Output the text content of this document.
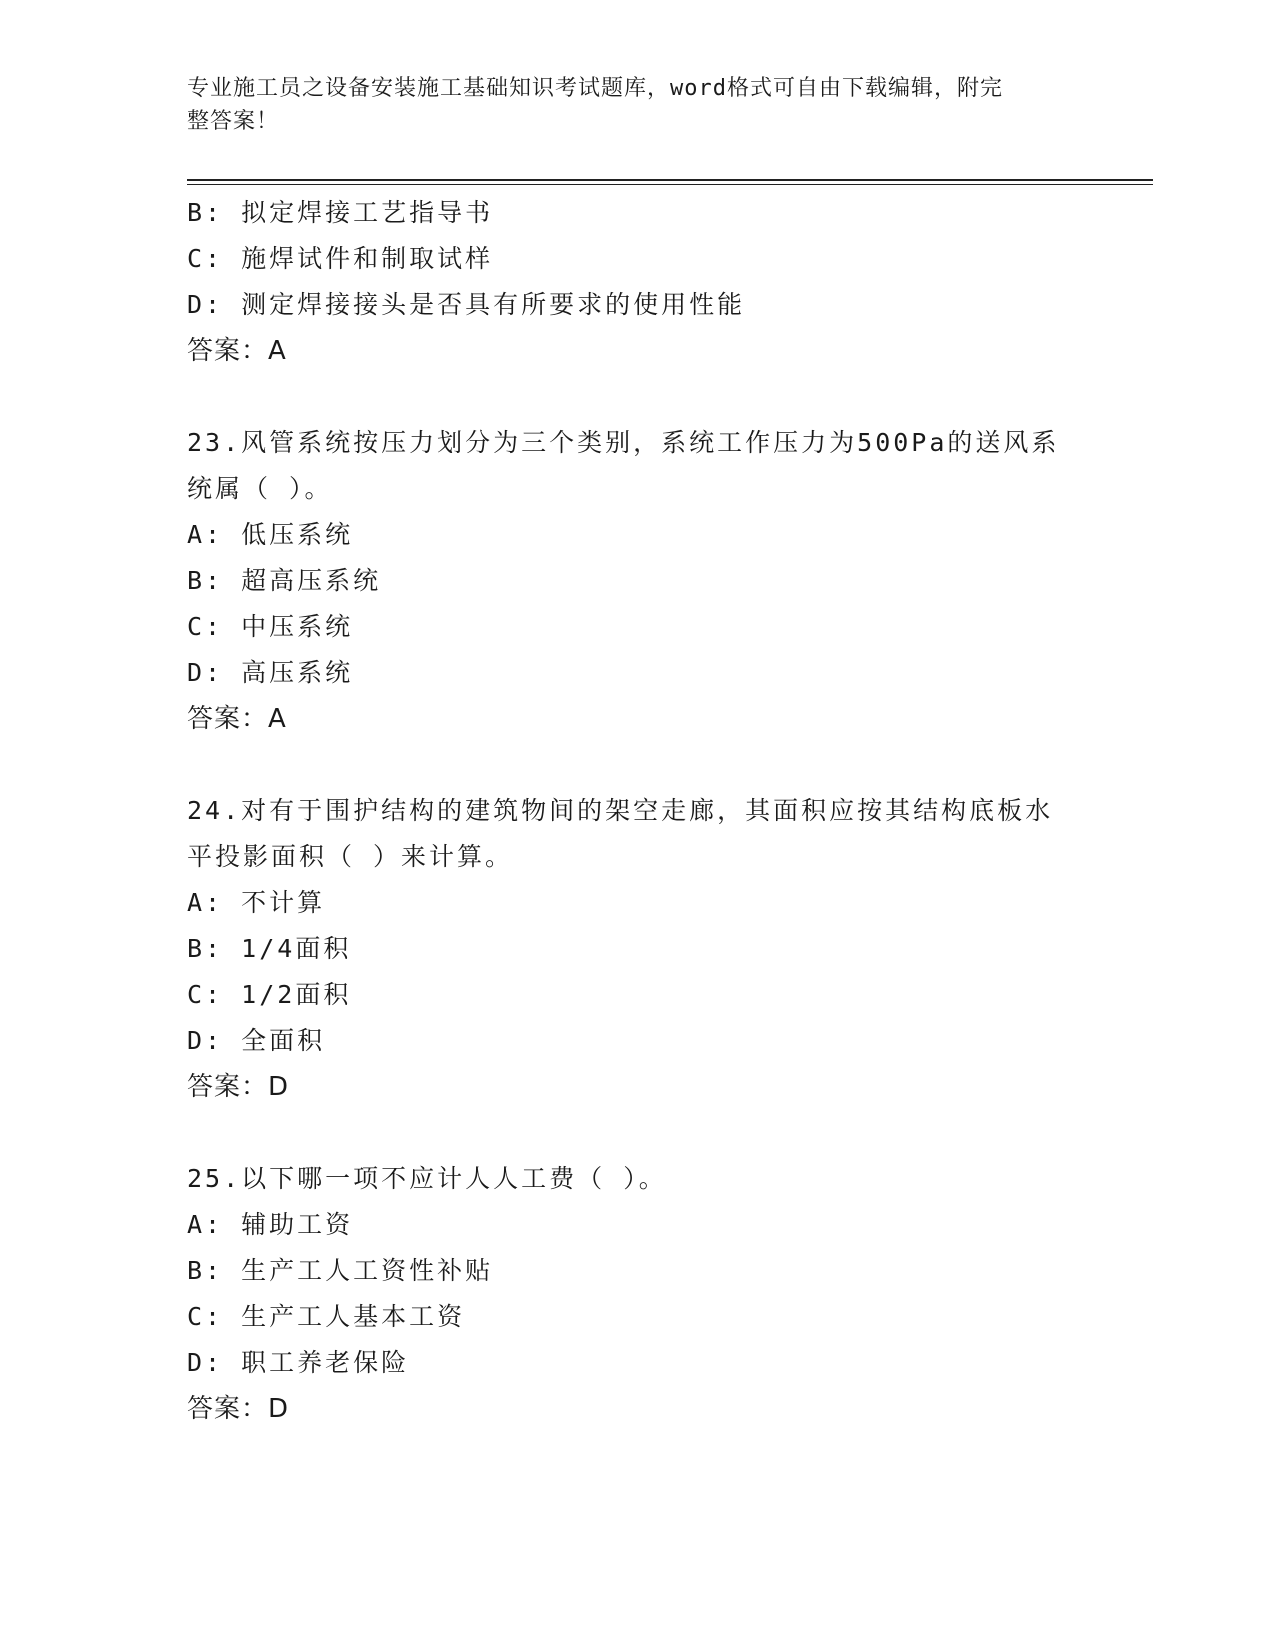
专业施工员之设备安装施工基础知识考试题库，word格式可自由下载编辑，附完
整答案！
B: 拟定焊接工艺指导书
C: 施焊试件和制取试样
D: 测定焊接接头是否具有所要求的使用性能
答案：A
23.风管系统按压力划分为三个类别，系统工作压力为500Pa的送风系
统属（ ）。
A: 低压系统
B: 超高压系统
C: 中压系统
D: 高压系统
答案：A
24.对有于围护结构的建筑物间的架空走廊，其面积应按其结构底板水
平投影面积（ ）来计算。
A: 不计算
B: 1/4面积
C: 1/2面积
D: 全面积
答案：D
25.以下哪一项不应计人人工费（ ）。
A: 辅助工资
B: 生产工人工资性补贴
C: 生产工人基本工资
D: 职工养老保险
答案：D
